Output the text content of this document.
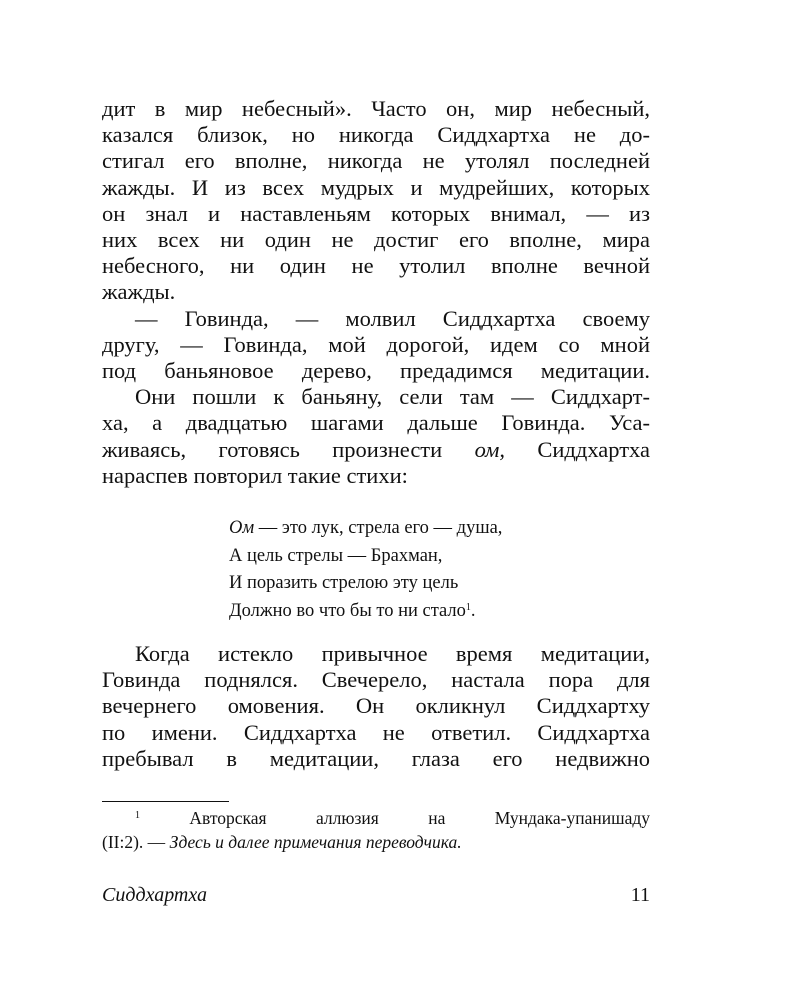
дит в мир небесный». Часто он, мир небесный,
казался близок, но никогда Сиддхартха не до-
стигал его вполне, никогда не утолял последней
жажды. И из всех мудрых и мудрейших, которых
он знал и наставленьям которых внимал, — из
них всех ни один не достиг его вполне, мира
небесного, ни один не утолил вполне вечной
жажды.
— Говинда, — молвил Сиддхартха своему
другу, — Говинда, мой дорогой, идем со мной
под баньяновое дерево, предадимся медитации.
Они пошли к баньяну, сели там — Сиддхарт-
ха, а двадцатью шагами дальше Говинда. Уса-
живаясь, готовясь произнести ом, Сиддхартха
нараспев повторил такие стихи:
Ом — это лук, стрела его — душа,
А цель стрелы — Брахман,
И поразить стрелою эту цель
Должно во что бы то ни стало$^1$.
Когда истекло привычное время медитации,
Говинда поднялся. Свечерело, настала пора для
вечернего омовения. Он окликнул Сиддхартху
по имени. Сиддхартха не ответил. Сиддхартха
пребывал в медитации, глаза его недвижно
$^1$ Авторская аллюзия на Мундака-упанишаду
(II:2). — Здесь и далее примечания переводчика.
Сиддхартха	11
